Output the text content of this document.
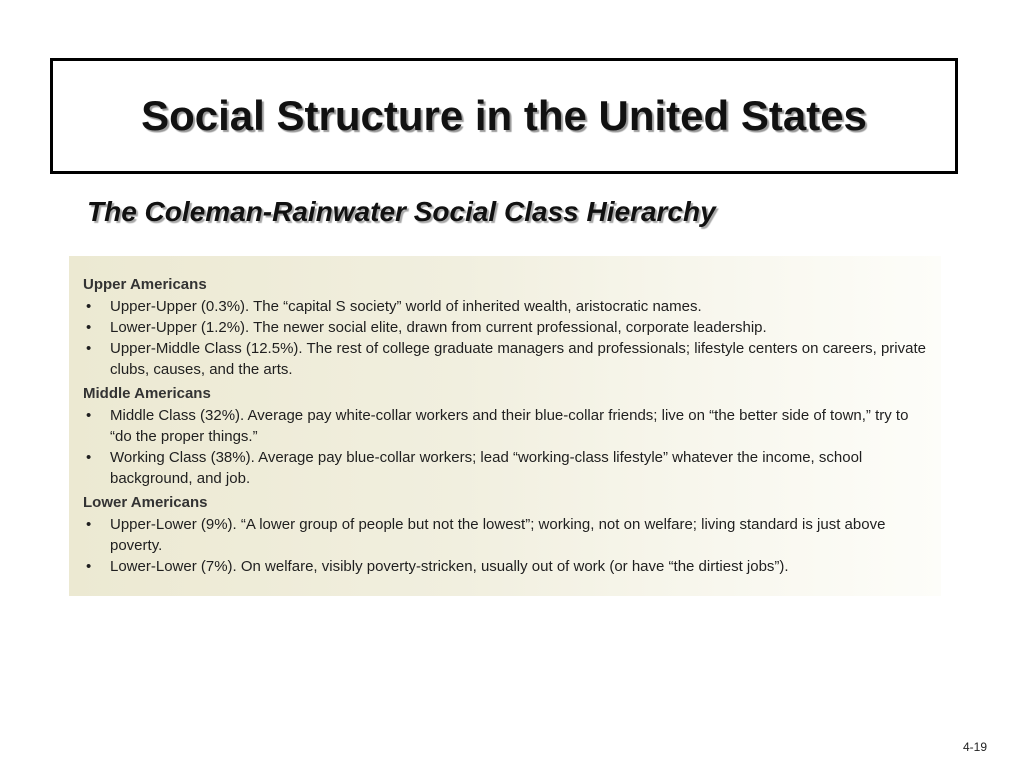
Social Structure in the United States
The Coleman-Rainwater Social Class Hierarchy
Upper Americans
• Upper-Upper (0.3%). The “capital S society” world of inherited wealth, aristocratic names.
• Lower-Upper (1.2%). The newer social elite, drawn from current professional, corporate leadership.
• Upper-Middle Class (12.5%). The rest of college graduate managers and professionals; lifestyle centers on careers, private clubs, causes, and the arts.
Middle Americans
• Middle Class (32%). Average pay white-collar workers and their blue-collar friends; live on “the better side of town,” try to “do the proper things.”
• Working Class (38%). Average pay blue-collar workers; lead “working-class lifestyle” whatever the income, school background, and job.
Lower Americans
• Upper-Lower (9%). “A lower group of people but not the lowest”; working, not on welfare; living standard is just above poverty.
• Lower-Lower (7%). On welfare, visibly poverty-stricken, usually out of work (or have “the dirtiest jobs”).
4-19
